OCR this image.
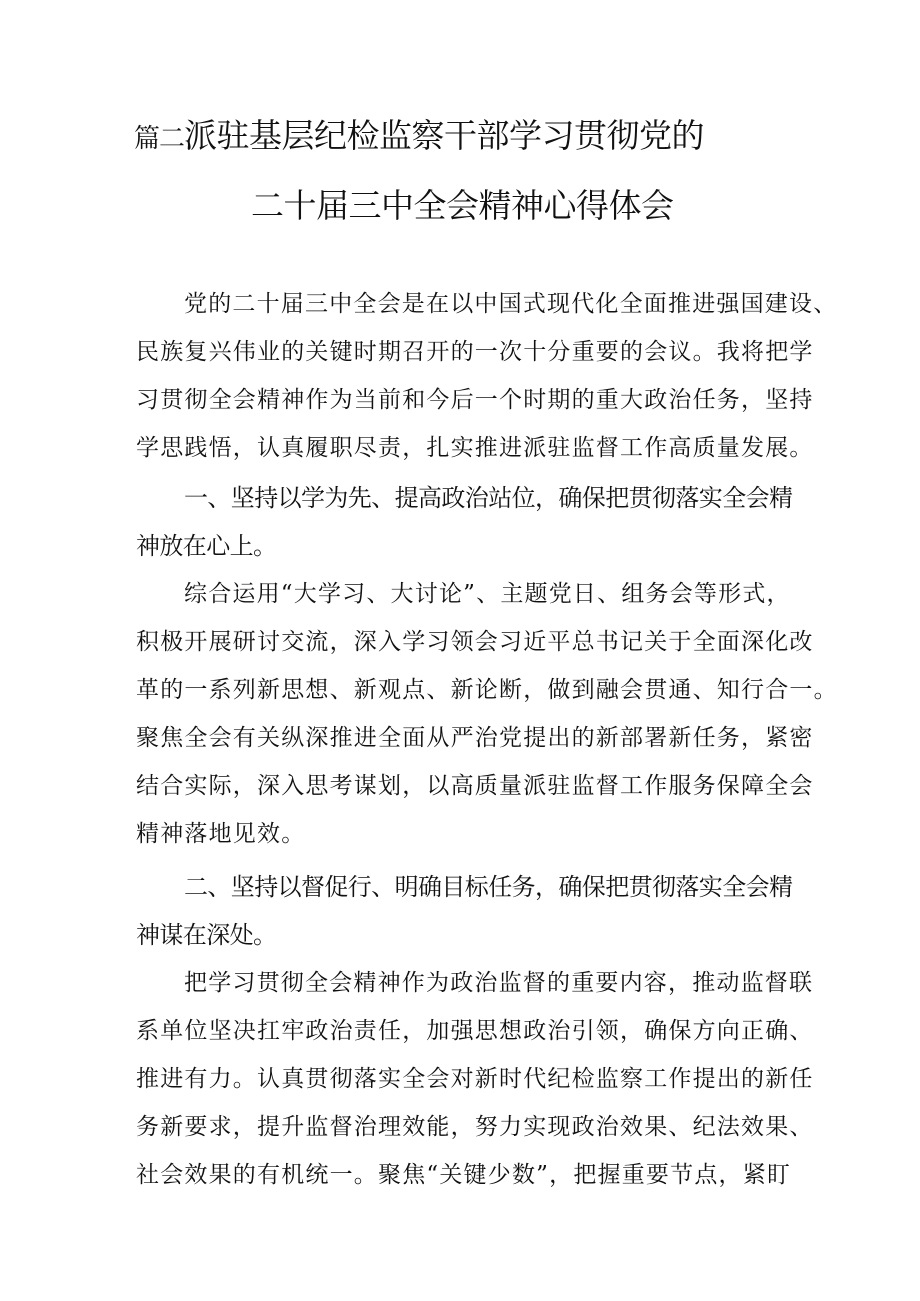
篇二派驻基层纪检监察干部学习贯彻党的
二十届三中全会精神心得体会
党的二十届三中全会是在以中国式现代化全面推进强国建设、
民族复兴伟业的关键时期召开的一次十分重要的会议。我将把学
习贯彻全会精神作为当前和今后一个时期的重大政治任务，坚持
学思践悟，认真履职尽责，扎实推进派驻监督工作高质量发展。
一、坚持以学为先、提高政治站位，确保把贯彻落实全会精
神放在心上。
综合运用“大学习、大讨论”、主题党日、组务会等形式，
积极开展研讨交流，深入学习领会习近平总书记关于全面深化改
革的一系列新思想、新观点、新论断，做到融会贯通、知行合一。
聚焦全会有关纵深推进全面从严治党提出的新部署新任务，紧密
结合实际，深入思考谋划，以高质量派驻监督工作服务保障全会
精神落地见效。
二、坚持以督促行、明确目标任务，确保把贯彻落实全会精
神谋在深处。
把学习贯彻全会精神作为政治监督的重要内容，推动监督联
系单位坚决扛牢政治责任，加强思想政治引领，确保方向正确、
推进有力。认真贯彻落实全会对新时代纪检监察工作提出的新任
务新要求，提升监督治理效能，努力实现政治效果、纪法效果、
社会效果的有机统一。聚焦“关键少数”，把握重要节点，紧盯
